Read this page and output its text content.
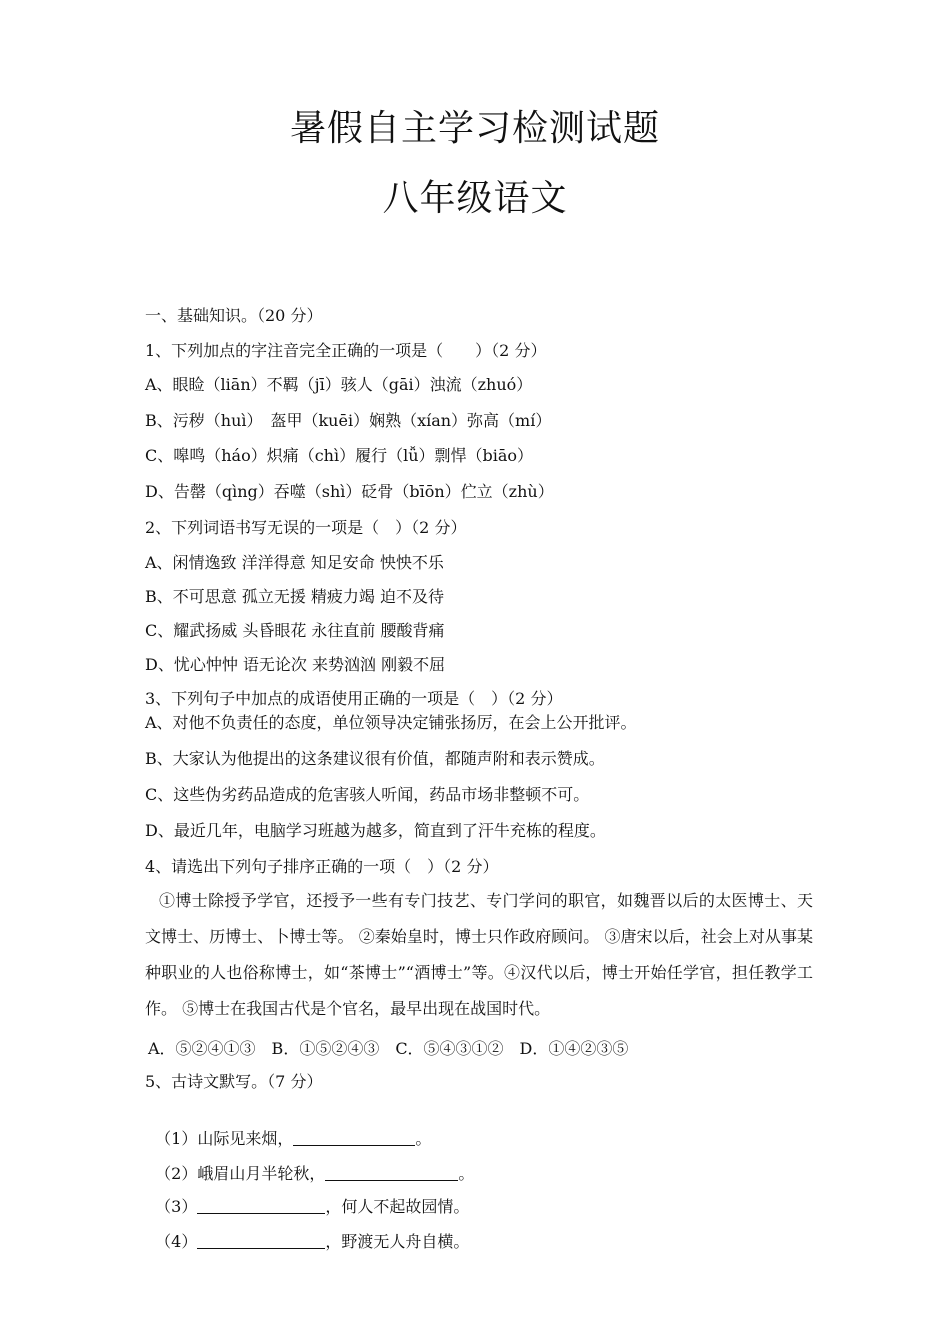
暑假自主学习检测试题
八年级语文
一、基础知识。（20 分）
1、下列加点的字注音完全正确的一项是（　　）（2 分）
A、眼睑（liān）不羁（jī）骇人（gāi）浊流（zhuó）
B、污秽（huì）　盔甲（kuēi）娴熟（xían）弥高（mí）
C、嗥鸣（háo）炽痛（chì）履行（lǚ）剽悍（biāo）
D、告罄（qìng）吞噬（shì）砭骨（bīōn）伫立（zhù）
2、下列词语书写无误的一项是（　）（2 分）
A、闲情逸致 洋洋得意 知足安命 怏怏不乐
B、不可思意 孤立无援 精疲力竭 迫不及待
C、耀武扬威 头昏眼花 永往直前 腰酸背痛
D、忧心忡忡 语无论次 来势汹汹 刚毅不屈
3、下列句子中加点的成语使用正确的一项是（　）（2 分）
A、对他不负责任的态度，单位领导决定铺张扬厉，在会上公开批评。
B、大家认为他提出的这条建议很有价值，都随声附和表示赞成。
C、这些伪劣药品造成的危害骇人听闻，药品市场非整顿不可。
D、最近几年，电脑学习班越为越多，简直到了汗牛充栋的程度。
4、请选出下列句子排序正确的一项（　）（2 分）
①博士除授予学官，还授予一些有专门技艺、专门学问的职官，如魏晋以后的太医博士、天文博士、历博士、卜博士等。 ②秦始皇时，博士只作政府顾问。 ③唐宋以后，社会上对从事某种职业的人也俗称博士，如“茶博士”“酒博士”等。④汉代以后，博士开始任学官，担任教学工作。 ⑤博士在我国古代是个官名，最早出现在战国时代。
A．⑤②④①③　B．①⑤②④③　C．⑤④③①②　D．①④②③⑤
5、古诗文默写。（7 分）

（1）山际见来烟，	。

（2）峨眉山月半轮秋，	。

（3）	，何人不起故园情。

（4）	，野渡无人舟自横。
